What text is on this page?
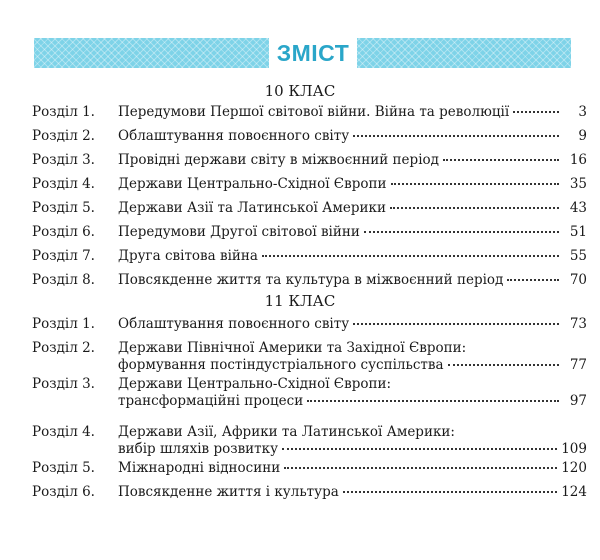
ЗМІСТ
10 КЛАС
Розділ 1. Передумови Першої світової війни. Війна та революції	3
Розділ 2. Облаштування повоєнного світу	9
Розділ 3. Провідні держави світу в міжвоєнний період	16
Розділ 4. Держави Центрально-Східної Європи	35
Розділ 5. Держави Азії та Латинської Америки	43
Розділ 6. Передумови Другої світової війни	51
Розділ 7. Друга світова війна	55
Розділ 8. Повсякденне життя та культура в міжвоєнний період	70
11 КЛАС
Розділ 1. Облаштування повоєнного світу	73
Розділ 2. Держави Північної Америки та Західної Європи:
формування постіндустріального суспільства	77
Розділ 3. Держави Центрально-Східної Європи:
трансформаційні процеси	97
Розділ 4. Держави Азії, Африки та Латинської Америки:
вибір шляхів розвитку	109
Розділ 5. Міжнародні відносини	120
Розділ 6. Повсякденне життя і культура	124
